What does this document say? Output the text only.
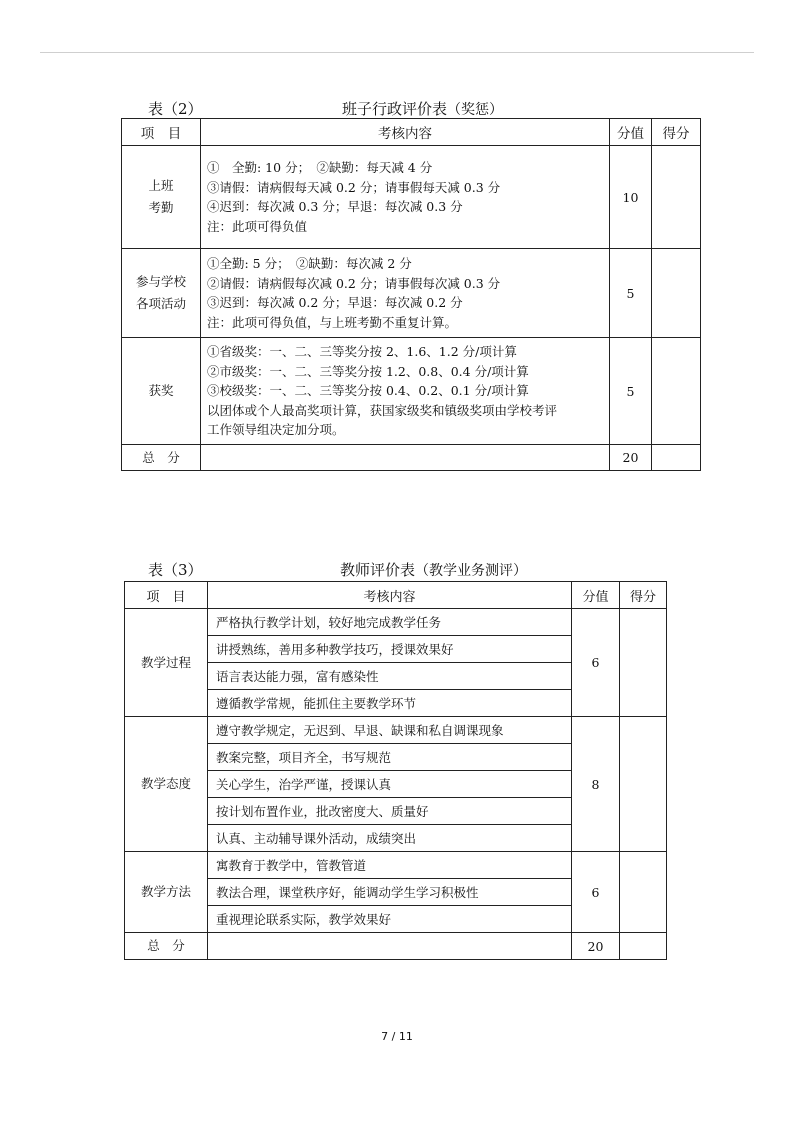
表（2）	班子行政评价表（奖惩）
项　目	考核内容	分值	得分

上班
考勤	①　全勤: 10 分；　②缺勤：每天减 4 分
③请假：请病假每天减 0.2 分；请事假每天减 0.3 分
④迟到：每次减 0.3 分；早退：每次减 0.3 分
注：此项可得负值	10	

参与学校
各项活动	①全勤: 5 分；　②缺勤：每次减 2 分
②请假：请病假每次减 0.2 分；请事假每次减 0.3 分
③迟到：每次减 0.2 分；早退：每次减 0.2 分
注：此项可得负值，与上班考勤不重复计算。	5	
获奖	①省级奖：一、二、三等奖分按 2、1.6、1.2 分/项计算
②市级奖：一、二、三等奖分按 1.2、0.8、0.4 分/项计算
③校级奖：一、二、三等奖分按 0.4、0.2、0.1 分/项计算
以团体或个人最高奖项计算，获国家级奖和镇级奖项由学校考评
工作领导组决定加分项。	5	
总　分		20	
表（3）	教师评价表（教学业务测评）
项　目	考核内容	分值	得分
教学过程	严格执行教学计划，较好地完成教学任务	6	
	讲授熟练，善用多种教学技巧，授课效果好		
	语言表达能力强，富有感染性		
	遵循教学常规，能抓住主要教学环节		
教学态度	遵守教学规定，无迟到、早退、缺课和私自调课现象	8	
	教案完整，项目齐全，书写规范		
	关心学生，治学严谨，授课认真		
	按计划布置作业，批改密度大、质量好		
	认真、主动辅导课外活动，成绩突出		
教学方法	寓教育于教学中，管教管道	6	
	教法合理，课堂秩序好，能调动学生学习积极性		
	重视理论联系实际，教学效果好		
总　分		20	
7 / 11
